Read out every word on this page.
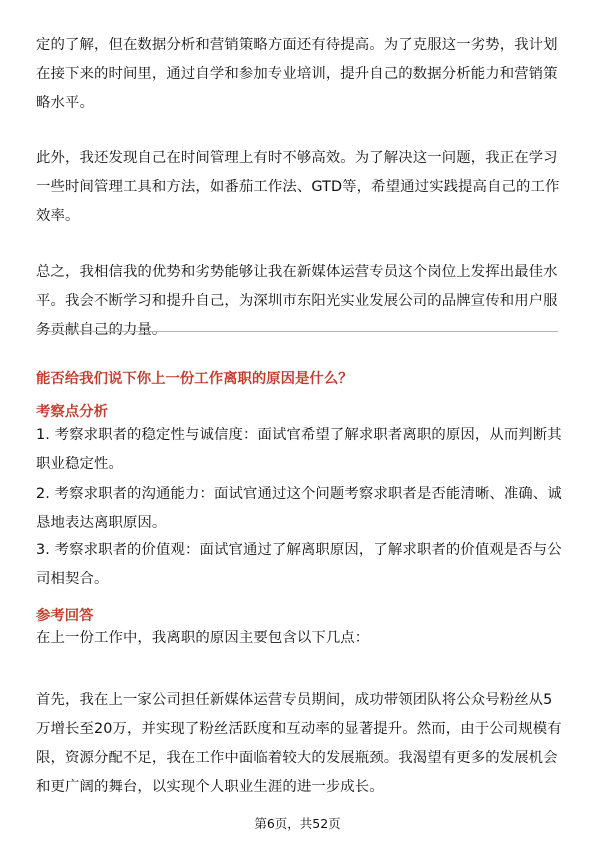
定的了解，但在数据分析和营销策略方面还有待提高。为了克服这一劣势，我计划
在接下来的时间里，通过自学和参加专业培训，提升自己的数据分析能力和营销策
略水平。
此外，我还发现自己在时间管理上有时不够高效。为了解决这一问题，我正在学习
一些时间管理工具和方法，如番茄工作法、GTD等，希望通过实践提高自己的工作
效率。
总之，我相信我的优势和劣势能够让我在新媒体运营专员这个岗位上发挥出最佳水
平。我会不断学习和提升自己，为深圳市东阳光实业发展公司的品牌宣传和用户服
务贡献自己的力量。
能否给我们说下你上一份工作离职的原因是什么？
考察点分析
1. 考察求职者的稳定性与诚信度：面试官希望了解求职者离职的原因，从而判断其
职业稳定性。
2. 考察求职者的沟通能力：面试官通过这个问题考察求职者是否能清晰、准确、诚
恳地表达离职原因。
3. 考察求职者的价值观：面试官通过了解离职原因，了解求职者的价值观是否与公
司相契合。
参考回答
在上一份工作中，我离职的原因主要包含以下几点：
首先，我在上一家公司担任新媒体运营专员期间，成功带领团队将公众号粉丝从5
万增长至20万，并实现了粉丝活跃度和互动率的显著提升。然而，由于公司规模有
限，资源分配不足，我在工作中面临着较大的发展瓶颈。我渴望有更多的发展机会
和更广阔的舞台，以实现个人职业生涯的进一步成长。
第6页，共52页
